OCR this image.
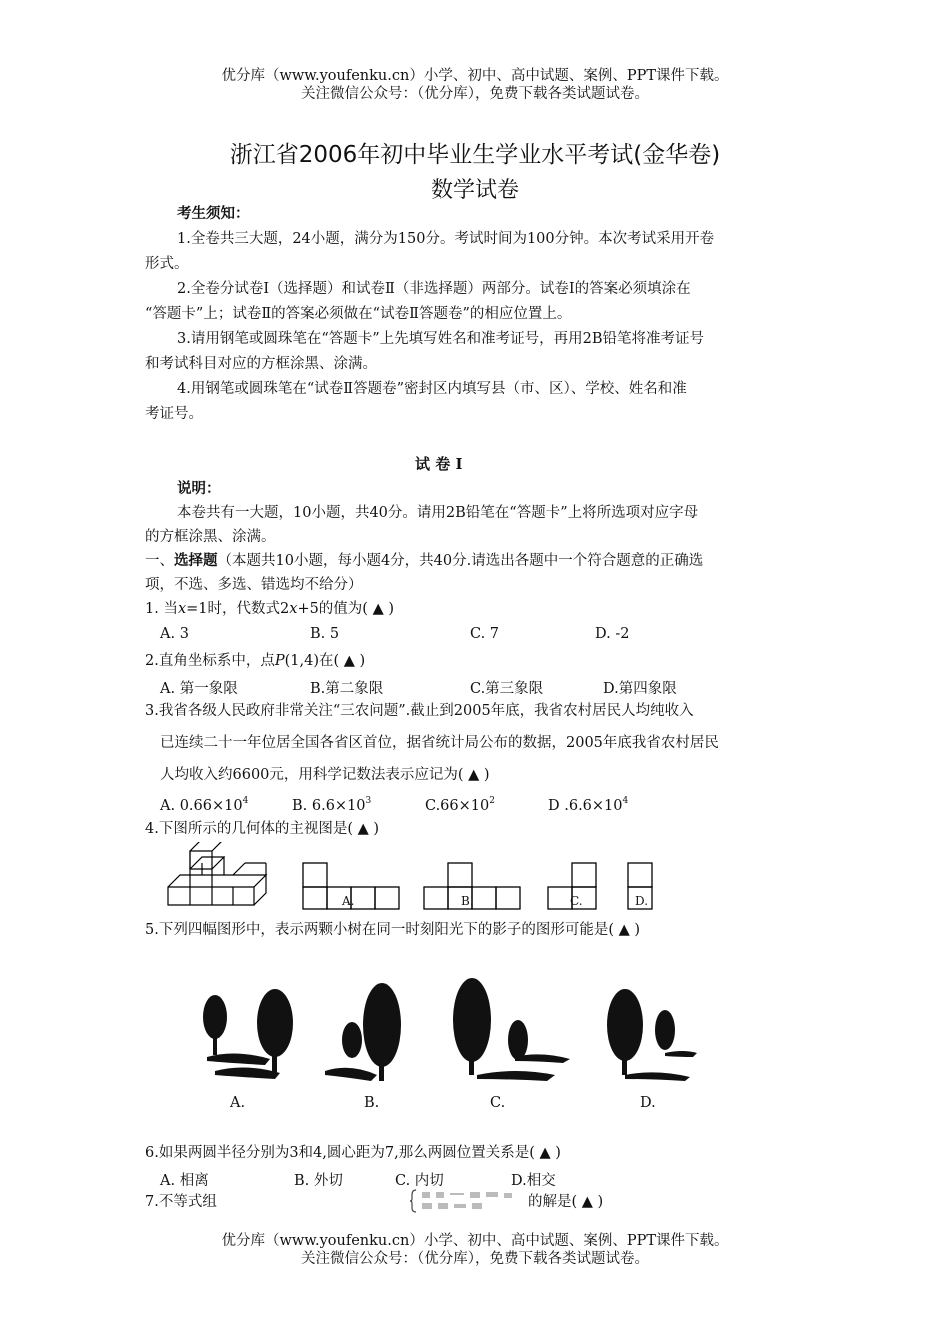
优分库（www.youfenku.cn）小学、初中、高中试题、案例、PPT课件下载。
关注微信公众号：（优分库），免费下载各类试题试卷。
浙江省2006年初中毕业生学业水平考试(金华卷)
数学试卷
考生须知：
1.全卷共三大题，24小题，满分为150分。考试时间为100分钟。本次考试采用开卷
形式。
2.全卷分试卷Ⅰ（选择题）和试卷Ⅱ（非选择题）两部分。试卷Ⅰ的答案必须填涂在
“答题卡”上；试卷Ⅱ的答案必须做在“试卷Ⅱ答题卷”的相应位置上。
3.请用钢笔或圆珠笔在“答题卡”上先填写姓名和准考证号，再用2B铅笔将准考证号
和考试科目对应的方框涂黑、涂满。
4.用钢笔或圆珠笔在“试卷Ⅱ答题卷”密封区内填写县（市、区）、学校、姓名和准
考证号。
试 卷 Ⅰ
说明：
本卷共有一大题，10小题，共40分。请用2B铅笔在“答题卡”上将所选项对应字母
的方框涂黑、涂满。
一、选择题（本题共10小题，每小题4分，共40分.请选出各题中一个符合题意的正确选
项，不选、多选、错选均不给分）
1. 当x=1时，代数式2x+5的值为( ▲ )
A. 3	B. 5	C. 7	D. -2
2.直角坐标系中，点P(1,4)在( ▲ )
A. 第一象限	B.第二象限	C.第三象限	D.第四象限
3.我省各级人民政府非常关注“三农问题”.截止到2005年底，我省农村居民人均纯收入
已连续二十一年位居全国各省区首位，据省统计局公布的数据，2005年底我省农村居民
人均收入约6600元，用科学记数法表示应记为( ▲ )
A. $0.66\times 10^4$	B. $6.6\times 10^3$	$C.66\times 10^2$	D $.6.6\times 10^4$
4.下图所示的几何体的主视图是( ▲ )
A.	B.	C.	D.
5.下列四幅图形中，表示两颗小树在同一时刻阳光下的影子的图形可能是( ▲ )
A.	B.	C.	D.
6.如果两圆半径分别为3和4,圆心距为7,那么两圆位置关系是( ▲ )
A. 相离	B. 外切	C. 内切	D.相交
7.不等式组	的解是( ▲ )
优分库（www.youfenku.cn）小学、初中、高中试题、案例、PPT课件下载。
关注微信公众号：（优分库），免费下载各类试题试卷。
